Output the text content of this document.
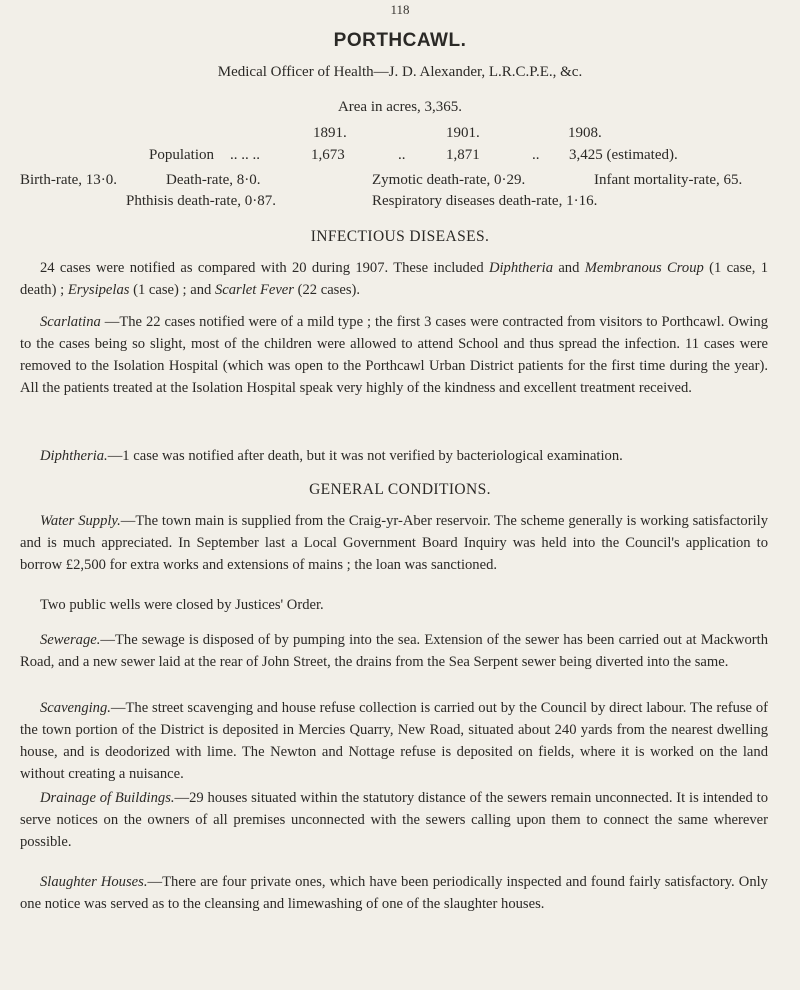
118
PORTHCAWL.
Medical Officer of Health—J. D. Alexander, L.R.C.P.E., &c.
Area in acres, 3,365.
1891.	1901.	1908.
Population .. .. ..	1,673	..	1,871	.. 3,425 (estimated).
Birth-rate, 13·0.	Death-rate, 8·0.	Zymotic death-rate, 0·29.	Infant mortality-rate, 65.
Phthisis death-rate, 0·87.	Respiratory diseases death-rate, 1·16.
INFECTIOUS DISEASES.

24 cases were notified as compared with 20 during 1907. These included Diphtheria and Membranous Croup (1 case, 1 death) ; Erysipelas (1 case) ; and Scarlet Fever (22 cases).

Scarlatina —The 22 cases notified were of a mild type ; the first 3 cases were contracted from visitors to Porthcawl. Owing to the cases being so slight, most of the children were allowed to attend School and thus spread the infection. 11 cases were removed to the Isolation Hospital (which was open to the Porthcawl Urban District patients for the first time during the year). All the patients treated at the Isolation Hospital speak very highly of the kindness and excellent treatment received.

Diphtheria.—1 case was notified after death, but it was not verified by bacteriological examination.

GENERAL CONDITIONS.

Water Supply.—The town main is supplied from the Craig-yr-Aber reservoir. The scheme generally is working satisfactorily and is much appreciated. In September last a Local Government Board Inquiry was held into the Council's application to borrow £2,500 for extra works and extensions of mains ; the loan was sanctioned.

Two public wells were closed by Justices' Order.

Sewerage.—The sewage is disposed of by pumping into the sea. Extension of the sewer has been carried out at Mackworth Road, and a new sewer laid at the rear of John Street, the drains from the Sea Serpent sewer being diverted into the same.

Scavenging.—The street scavenging and house refuse collection is carried out by the Council by direct labour. The refuse of the town portion of the District is deposited in Mercies Quarry, New Road, situated about 240 yards from the nearest dwelling house, and is deodorized with lime. The Newton and Nottage refuse is deposited on fields, where it is worked on the land without creating a nuisance.

Drainage of Buildings.—29 houses situated within the statutory distance of the sewers remain unconnected. It is intended to serve notices on the owners of all premises unconnected with the sewers calling upon them to connect the same wherever possible.

Slaughter Houses.—There are four private ones, which have been periodically inspected and found fairly satisfactory. Only one notice was served as to the cleansing and limewashing of one of the slaughter houses.
